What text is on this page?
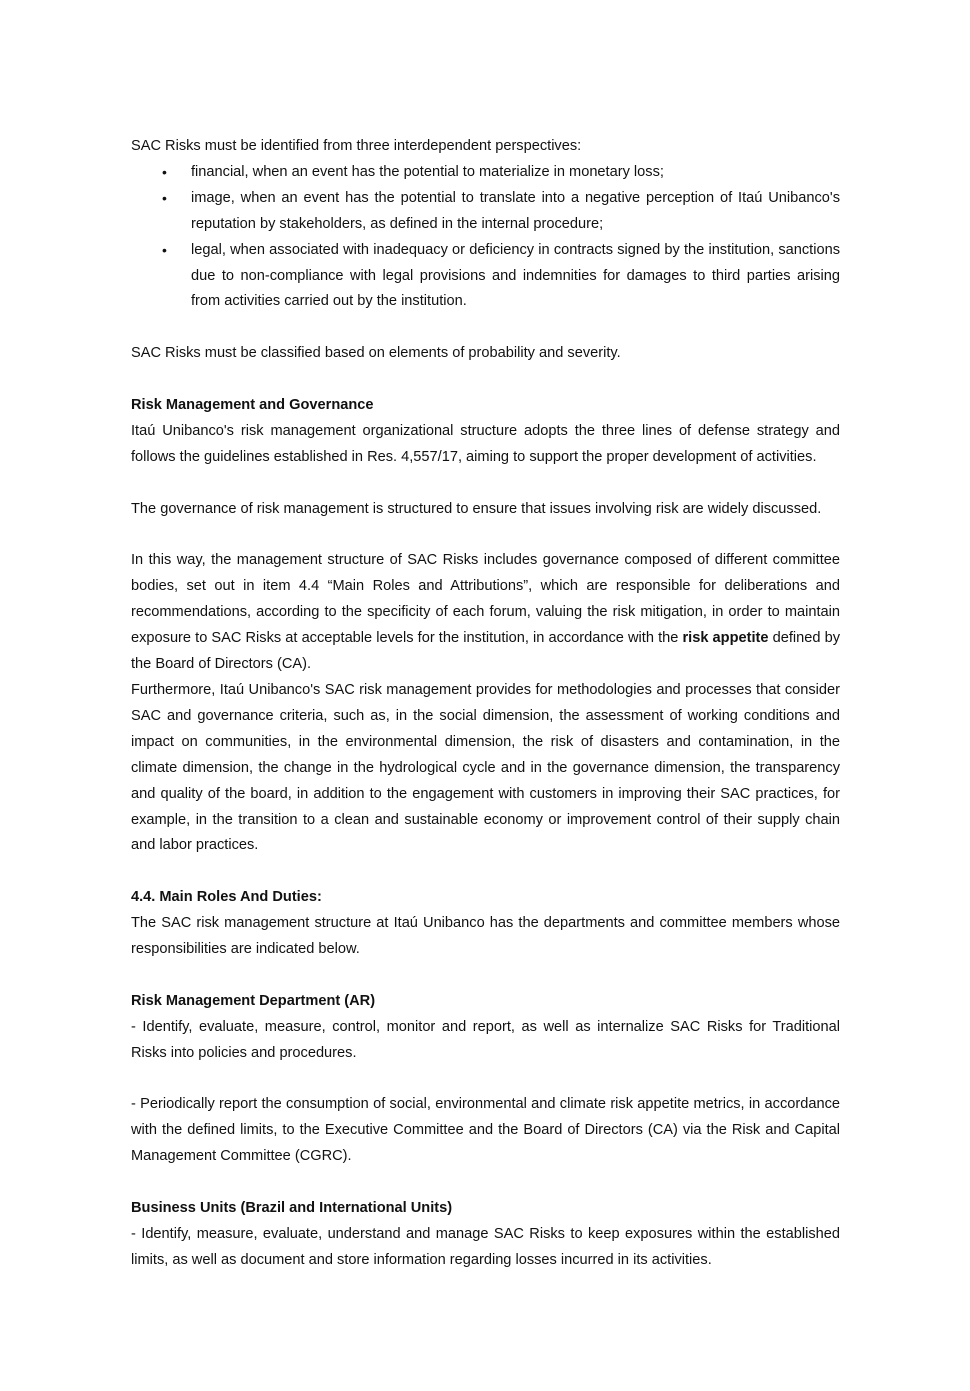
SAC Risks must be identified from three interdependent perspectives:

• financial, when an event has the potential to materialize in monetary loss;
• image, when an event has the potential to translate into a negative perception of Itaú Unibanco's reputation by stakeholders, as defined in the internal procedure;
• legal, when associated with inadequacy or deficiency in contracts signed by the institution, sanctions due to non-compliance with legal provisions and indemnities for damages to third parties arising from activities carried out by the institution.

SAC Risks must be classified based on elements of probability and severity.

Risk Management and Governance

Itaú Unibanco's risk management organizational structure adopts the three lines of defense strategy and follows the guidelines established in Res. 4,557/17, aiming to support the proper development of activities.

The governance of risk management is structured to ensure that issues involving risk are widely discussed.

In this way, the management structure of SAC Risks includes governance composed of different committee bodies, set out in item 4.4 “Main Roles and Attributions”, which are responsible for deliberations and recommendations, according to the specificity of each forum, valuing the risk mitigation, in order to maintain exposure to SAC Risks at acceptable levels for the institution, in accordance with the risk appetite defined by the Board of Directors (CA).

Furthermore, Itaú Unibanco's SAC risk management provides for methodologies and processes that consider SAC and governance criteria, such as, in the social dimension, the assessment of working conditions and impact on communities, in the environmental dimension, the risk of disasters and contamination, in the climate dimension, the change in the hydrological cycle and in the governance dimension, the transparency and quality of the board, in addition to the engagement with customers in improving their SAC practices, for example, in the transition to a clean and sustainable economy or improvement control of their supply chain and labor practices.

4.4. Main Roles And Duties:

The SAC risk management structure at Itaú Unibanco has the departments and committee members whose responsibilities are indicated below.

Risk Management Department (AR)

- Identify, evaluate, measure, control, monitor and report, as well as internalize SAC Risks for Traditional Risks into policies and procedures.

- Periodically report the consumption of social, environmental and climate risk appetite metrics, in accordance with the defined limits, to the Executive Committee and the Board of Directors (CA) via the Risk and Capital Management Committee (CGRC).

Business Units (Brazil and International Units)

- Identify, measure, evaluate, understand and manage SAC Risks to keep exposures within the established limits, as well as document and store information regarding losses incurred in its activities.
